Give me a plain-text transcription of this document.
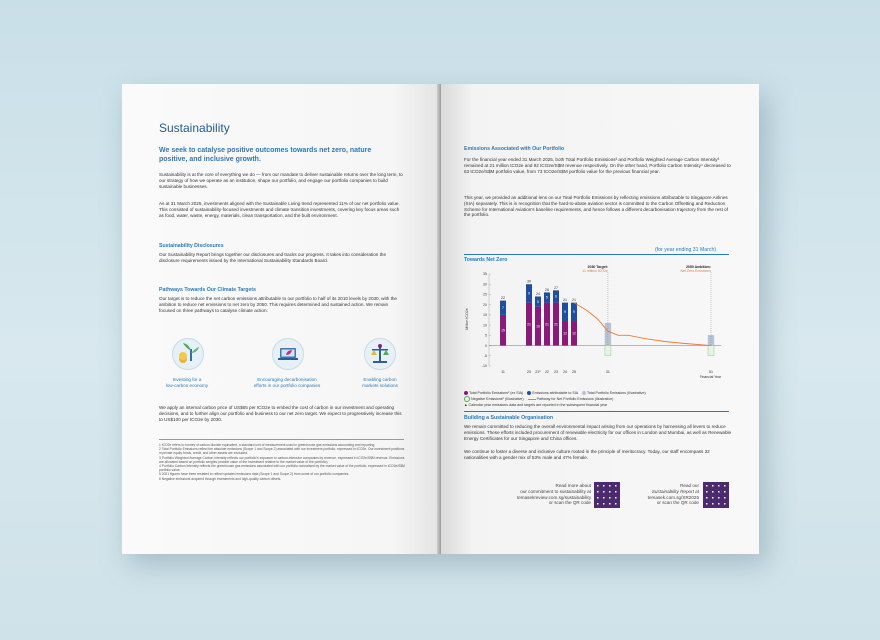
Sustainability
We seek to catalyse positive outcomes towards net zero, nature positive, and inclusive growth.
Sustainability is at the core of everything we do — from our mandate to deliver sustainable returns over the long term, to our strategy of how we operate as an institution, shape our portfolio, and engage our portfolio companies to build sustainable businesses.
As at 31 March 2025, investments aligned with the Sustainable Living trend represented 11% of our net portfolio value. This consisted of sustainability-focused investments and climate transition investments, covering key focus areas such as food, water, waste, energy, materials, clean transportation, and the built environment.
Sustainability Disclosures
Our Sustainability Report brings together our disclosures and tracks our progress. It takes into consideration the disclosure requirements issued by the International Sustainability Standards Board.
Pathways Towards Our Climate Targets
Our target is to reduce the net carbon emissions attributable to our portfolio to half of its 2010 levels by 2030, with the ambition to reduce net emissions to net zero by 2050. This requires determined and sustained action. We remain focused on three pathways to catalyse climate action:
Investing for a
low-carbon economy
Encouraging decarbonisation
efforts in our portfolio companies
Enabling carbon
markets solutions
We apply an internal carbon price of US$65 per tCO2e to embed the cost of carbon in our investment and operating decisions, and to further align our portfolio and business to our net zero target. We expect to progressively increase this to US$100 per tCO2e by 2030.
1 tCO2e refers to tonnes of carbon dioxide equivalent, a standard unit of measurement used in greenhouse gas emissions accounting and reporting.
2 Total Portfolio Emissions reflect the absolute emissions (Scope 1 and Scope 2) associated with our investment portfolio, expressed in tCO2e. Our investment positions in private equity funds, credit, and other assets are excluded.
3 Portfolio Weighted Average Carbon Intensity reflects our portfolio's exposure to carbon-intensive companies by revenue, expressed in tCO2e/S$M revenue. Emissions are allocated based on portfolio weights (market value of the investment relative to the market value of the portfolio).
4 Portfolio Carbon Intensity reflects the greenhouse gas emissions associated with our portfolio normalised by the market value of the portfolio, expressed in tCO2e/S$M portfolio value.
5 2021 figures have been restated to reflect updated emissions data (Scope 1 and Scope 2) from some of our portfolio companies.
6 Negative emissions acquired through investments and high-quality carbon offsets.
Emissions Associated with Our Portfolio
For the financial year ended 31 March 2025, both Total Portfolio Emissions² and Portfolio Weighted Average Carbon Intensity³ remained at 21 million tCO2e and 92 tCO2e/S$M revenue respectively. On the other hand, Portfolio Carbon Intensity⁴ decreased to 63 tCO2e/S$M portfolio value, from 73 tCO2e/S$M portfolio value for the previous financial year.
This year, we provided an additional lens on our Total Portfolio Emissions by reflecting emissions attributable to Singapore Airlines (SIA) separately. This is in recognition that the hard-to-abate aviation sector is committed to the Carbon Offsetting and Reduction Scheme for International Aviation's baseline requirements, and hence follows a different decarbonisation trajectory from the rest of the portfolio.
(for year ending 31 March)
Towards Net Zero
-10
-5
0
5
10
15
20
25
30
35
Million tCO2e
15
7
22
11
21
9
30
20
19
5
24
21⁵
21
5
26
22
21
6
27
23
12
9
21
24
12
9
21
25	31	51
Financial Year
2030 Target:
11 million tCO2e
2050 Ambition:
Net Zero Emissions
Total Portfolio Emissions² (ex SIA)	Emissions attributable to SIA Total Portfolio Emissions (Illustrative)
Negative Emissions⁶ (Illustrative)	Pathway for Net Portfolio Emissions (Illustrative)
▲ Calendar year emissions data and targets are reported in the subsequent financial year
Building a Sustainable Organisation
We remain committed to reducing the overall environmental impact arising from our operations by harnessing all levers to reduce emissions. These efforts included procurement of renewable electricity for our offices in London and Mumbai, as well as Renewable Energy Certificates for our Singapore and China offices.
We continue to foster a diverse and inclusive culture rooted in the principle of meritocracy. Today, our staff encompass 32 nationalities with a gender mix of 53% male and 47% female.
Read more about
our commitment to sustainability at
temasekreview.com.sg/sustainability
or scan the QR code
Read our
Sustainability Report at
temasek.com.sg/SR2025
or scan the QR code
